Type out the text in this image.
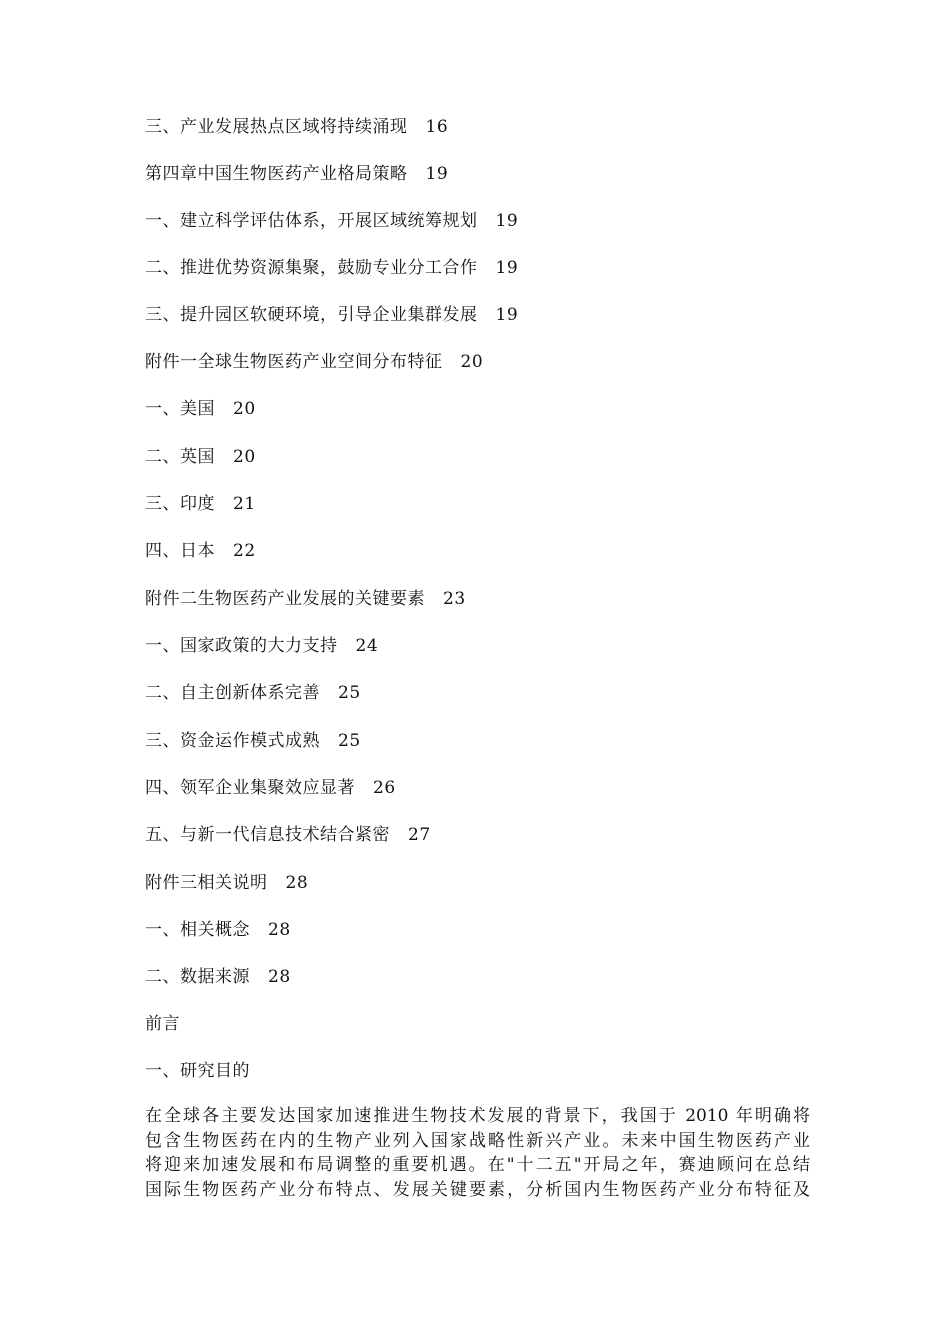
三、产业发展热点区域将持续涌现 16
第四章中国生物医药产业格局策略 19
一、建立科学评估体系，开展区域统筹规划 19
二、推进优势资源集聚，鼓励专业分工合作 19
三、提升园区软硬环境，引导企业集群发展 19
附件一全球生物医药产业空间分布特征 20
一、美国 20
二、英国 20
三、印度 21
四、日本 22
附件二生物医药产业发展的关键要素 23
一、国家政策的大力支持 24
二、自主创新体系完善 25
三、资金运作模式成熟 25
四、领军企业集聚效应显著 26
五、与新一代信息技术结合紧密 27
附件三相关说明 28
一、相关概念 28
二、数据来源 28
前言
一、研究目的
在全球各主要发达国家加速推进生物技术发展的背景下，我国于 2010 年明确将
包含生物医药在内的生物产业列入国家战略性新兴产业。未来中国生物医药产业
将迎来加速发展和布局调整的重要机遇。在"十二五"开局之年，赛迪顾问在总结
国际生物医药产业分布特点、发展关键要素，分析国内生物医药产业分布特征及
